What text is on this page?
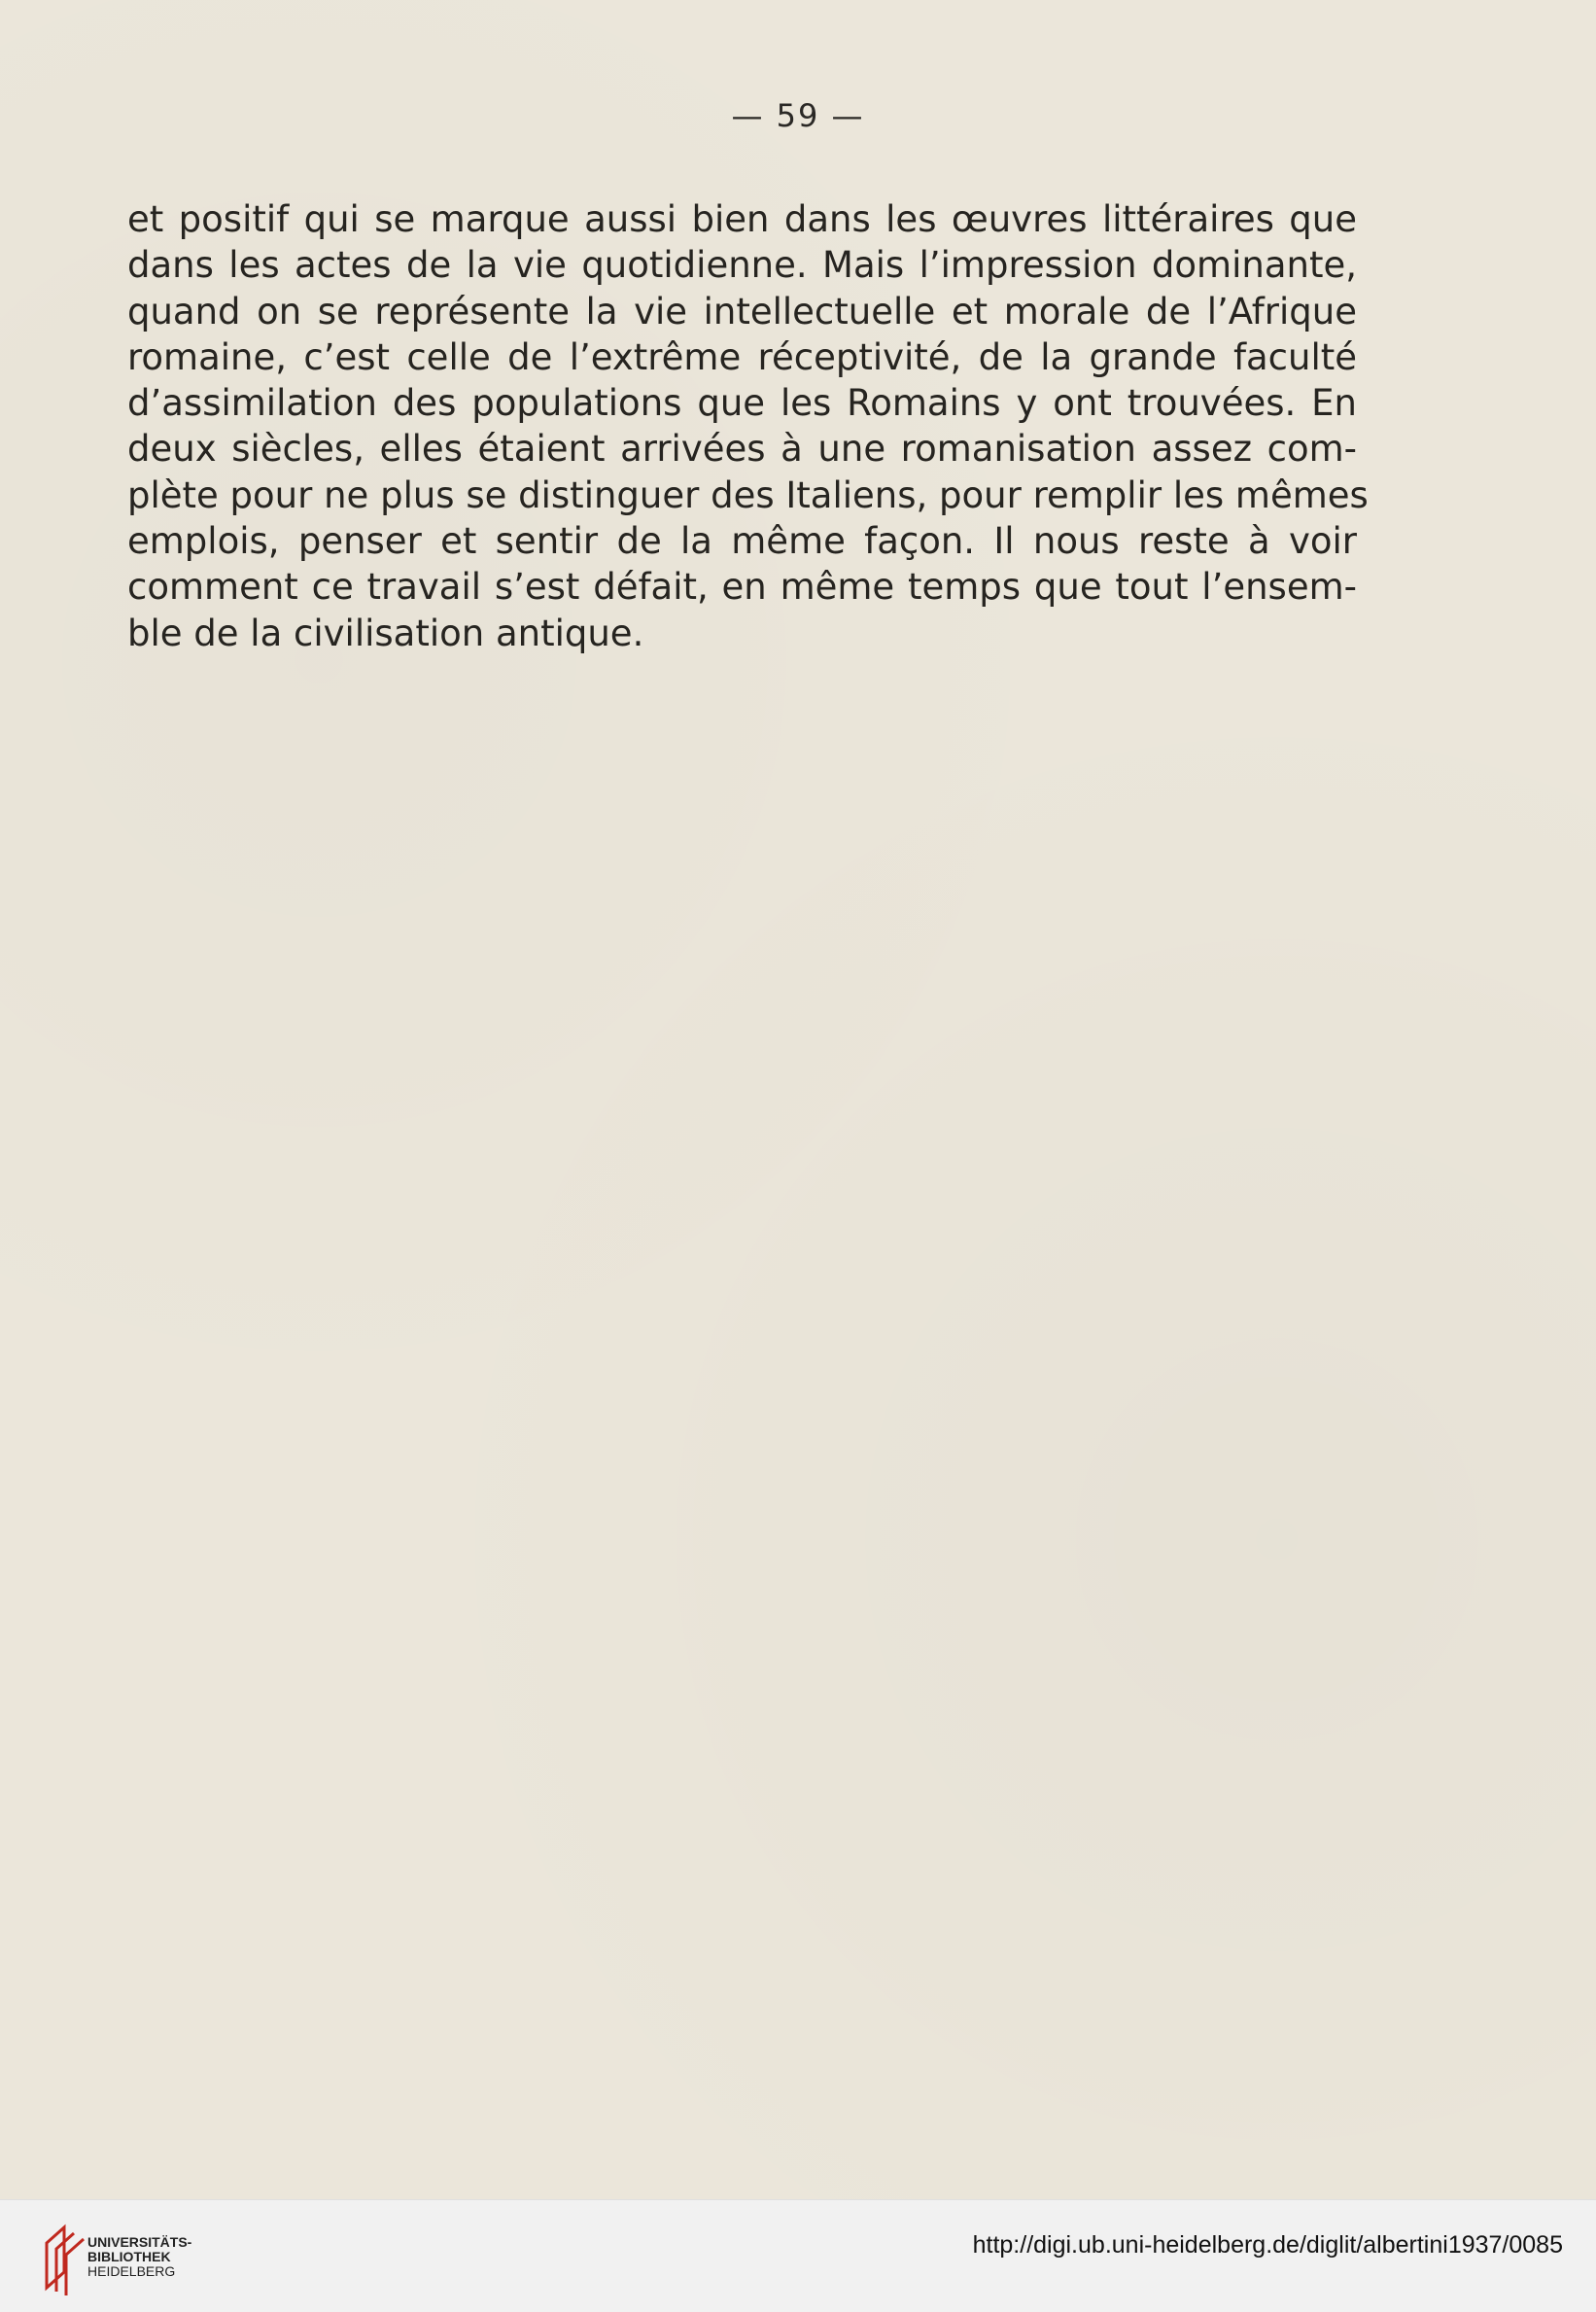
— 59 —

et positif qui se marque aussi bien dans les œuvres littéraires que
dans les actes de la vie quotidienne. Mais l’impression dominante,
quand on se représente la vie intellectuelle et morale de l’Afrique
romaine, c’est celle de l’extrême réceptivité, de la grande faculté
d’assimilation des populations que les Romains y ont trouvées. En
deux siècles, elles étaient arrivées à une romanisation assez com-
plète pour ne plus se distinguer des Italiens, pour remplir les mêmes
emplois, penser et sentir de la même façon. Il nous reste à voir
comment ce travail s’est défait, en même temps que tout l’ensem-
ble de la civilisation antique.

UNIVERSITÄTS-
BIBLIOTHEK
HEIDELBERG
http://digi.ub.uni-heidelberg.de/diglit/albertini1937/0085
